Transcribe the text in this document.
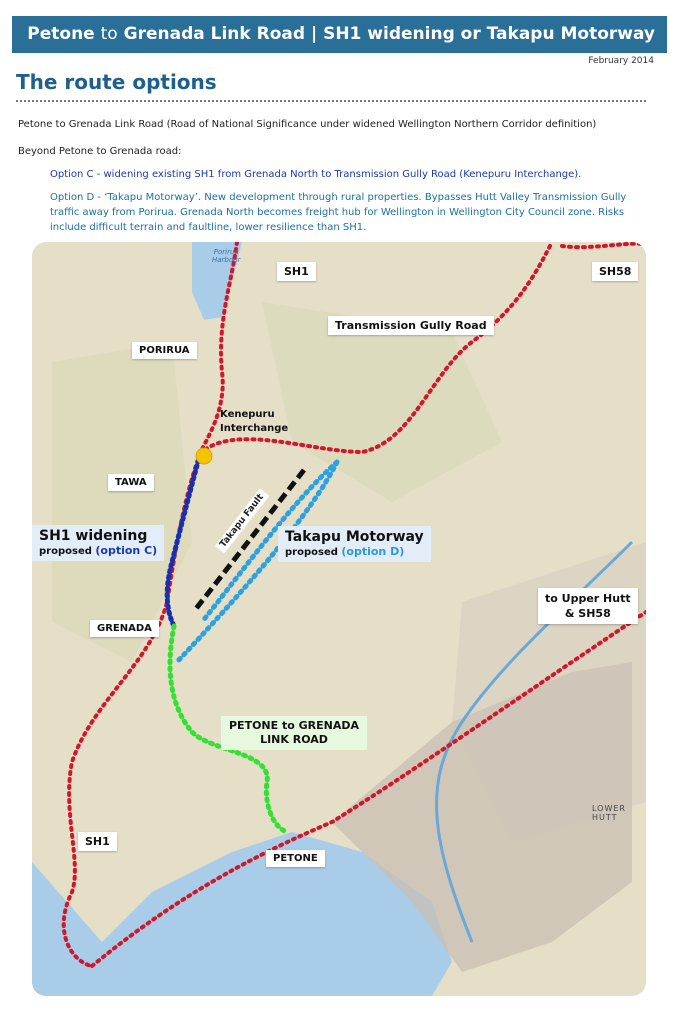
Petone to Grenada Link Road | SH1 widening or Takapu Motorway
February 2014
The route options
Petone to Grenada Link Road (Road of National Significance under widened Wellington Northern Corridor definition)
Beyond Petone to Grenada road:
Option C - widening existing SH1 from Grenada North to Transmission Gully Road (Kenepuru Interchange).
Option D - ‘Takapu Motorway’. New development through rural properties. Bypasses Hutt Valley Transmission Gully traffic away from Porirua. Grenada North becomes freight hub for Wellington in Wellington City Council zone. Risks include difficult terrain and faultline, lower resilience than SH1.
Porirua
Harbour
SH1	SH58
Transmission Gully Road
PORIRUA
Kenepuru
Interchange
TAWA
SH1 widening
proposed (option C)
Takapu Motorway
proposed (option D)
Takapu Fault
GRENADA
to Upper Hutt
& SH58
PETONE to GRENADA
LINK ROAD
SH1
PETONE
LOWER HUTT
